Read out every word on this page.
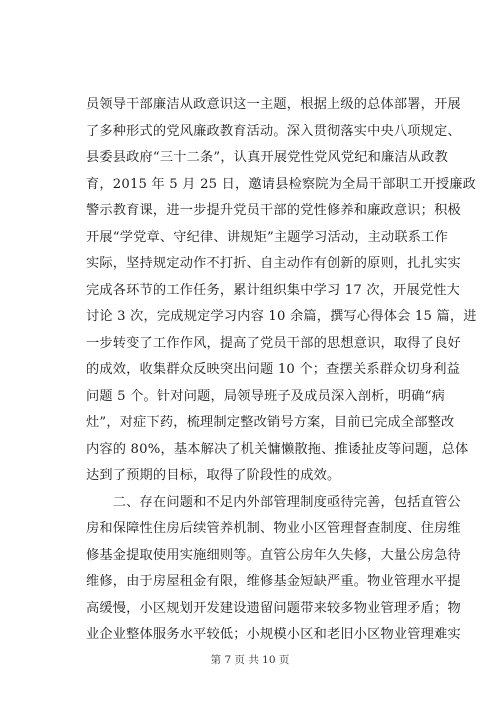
员领导干部廉洁从政意识这一主题，根据上级的总体部署，开展
了多种形式的党风廉政教育活动。深入贯彻落实中央八项规定、
县委县政府“三十二条”，认真开展党性党风党纪和廉洁从政教
育，2015 年 5 月 25 日，邀请县检察院为全局干部职工开授廉政
警示教育课，进一步提升党员干部的党性修养和廉政意识；积极
开展“学党章、守纪律、讲规矩”主题学习活动，主动联系工作
实际，坚持规定动作不打折、自主动作有创新的原则，扎扎实实
完成各环节的工作任务，累计组织集中学习 17 次，开展党性大
讨论 3 次，完成规定学习内容 10 余篇，撰写心得体会 15 篇，进
一步转变了工作作风，提高了党员干部的思想意识，取得了良好
的成效，收集群众反映突出问题 10 个；查摆关系群众切身利益
问题 5 个。针对问题，局领导班子及成员深入剖析，明确“病
灶”，对症下药，梳理制定整改销号方案，目前已完成全部整改
内容的 80%，基本解决了机关慵懒散拖、推诿扯皮等问题，总体
达到了预期的目标，取得了阶段性的成效。
　　二、存在问题和不足内外部管理制度亟待完善，包括直管公
房和保障性住房后续管养机制、物业小区管理督查制度、住房维
修基金提取使用实施细则等。直管公房年久失修，大量公房急待
维修，由于房屋租金有限，维修基金短缺严重。物业管理水平提
高缓慢，小区规划开发建设遗留问题带来较多物业管理矛盾；物
业企业整体服务水平较低；小规模小区和老旧小区物业管理难实
第 7 页 共 10 页
